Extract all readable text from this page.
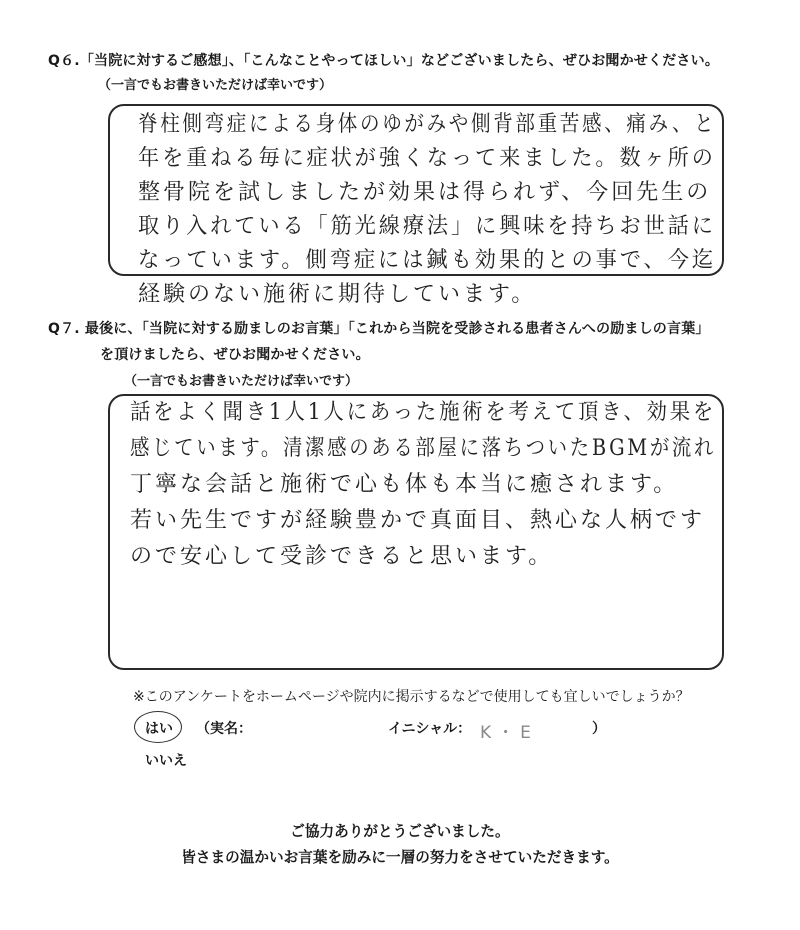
Q６.「当院に対するご感想」、「こんなことやってほしい」などございましたら、ぜひお聞かせください。
（一言でもお書きいただけば幸いです）
脊柱側弯症による身体のゆがみや側背部重苦感、痛み、と
年を重ねる毎に症状が強くなって来ました。数ヶ所の
整骨院を試しましたが効果は得られず、今回先生の
取り入れている「筋光線療法」に興味を持ちお世話に
なっています。側弯症には鍼も効果的との事で、今迄
経験のない施術に期待しています。
Q７. 最後に、「当院に対する励ましのお言葉」「これから当院を受診される患者さんへの励ましの言葉」
を頂けましたら、ぜひお聞かせください。
（一言でもお書きいただけば幸いです）
話をよく聞き1人1人にあった施術を考えて頂き、効果を
感じています。清潔感のある部屋に落ちついたBGMが流れ
丁寧な会話と施術で心も体も本当に癒されます。
若い先生ですが経験豊かで真面目、熱心な人柄です
ので安心して受診できると思います。
※このアンケートをホームページや院内に掲示するなどで使用しても宜しいでしょうか？
はい （実名：	イニシャル： K・E	）
いいえ
ご協力ありがとうございました。
皆さまの温かいお言葉を励みに一層の努力をさせていただきます。
